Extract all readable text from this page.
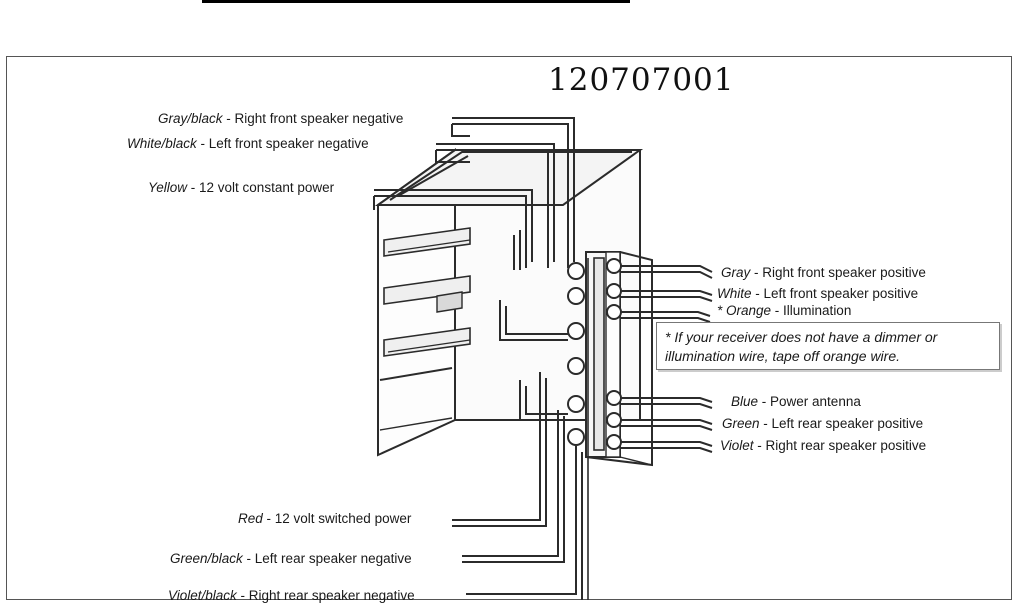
120707001
Gray/black - Right front speaker negative
White/black - Left front speaker negative
Yellow - 12 volt constant power
Red - 12 volt switched power
Green/black - Left rear speaker negative
Violet/black - Right rear speaker negative
Gray - Right front speaker positive
White - Left front speaker positive
* Orange - Illumination
Blue - Power antenna
Green - Left rear speaker positive
Violet - Right rear speaker positive
* If your receiver does not have a dimmer or illumination wire, tape off orange wire.
